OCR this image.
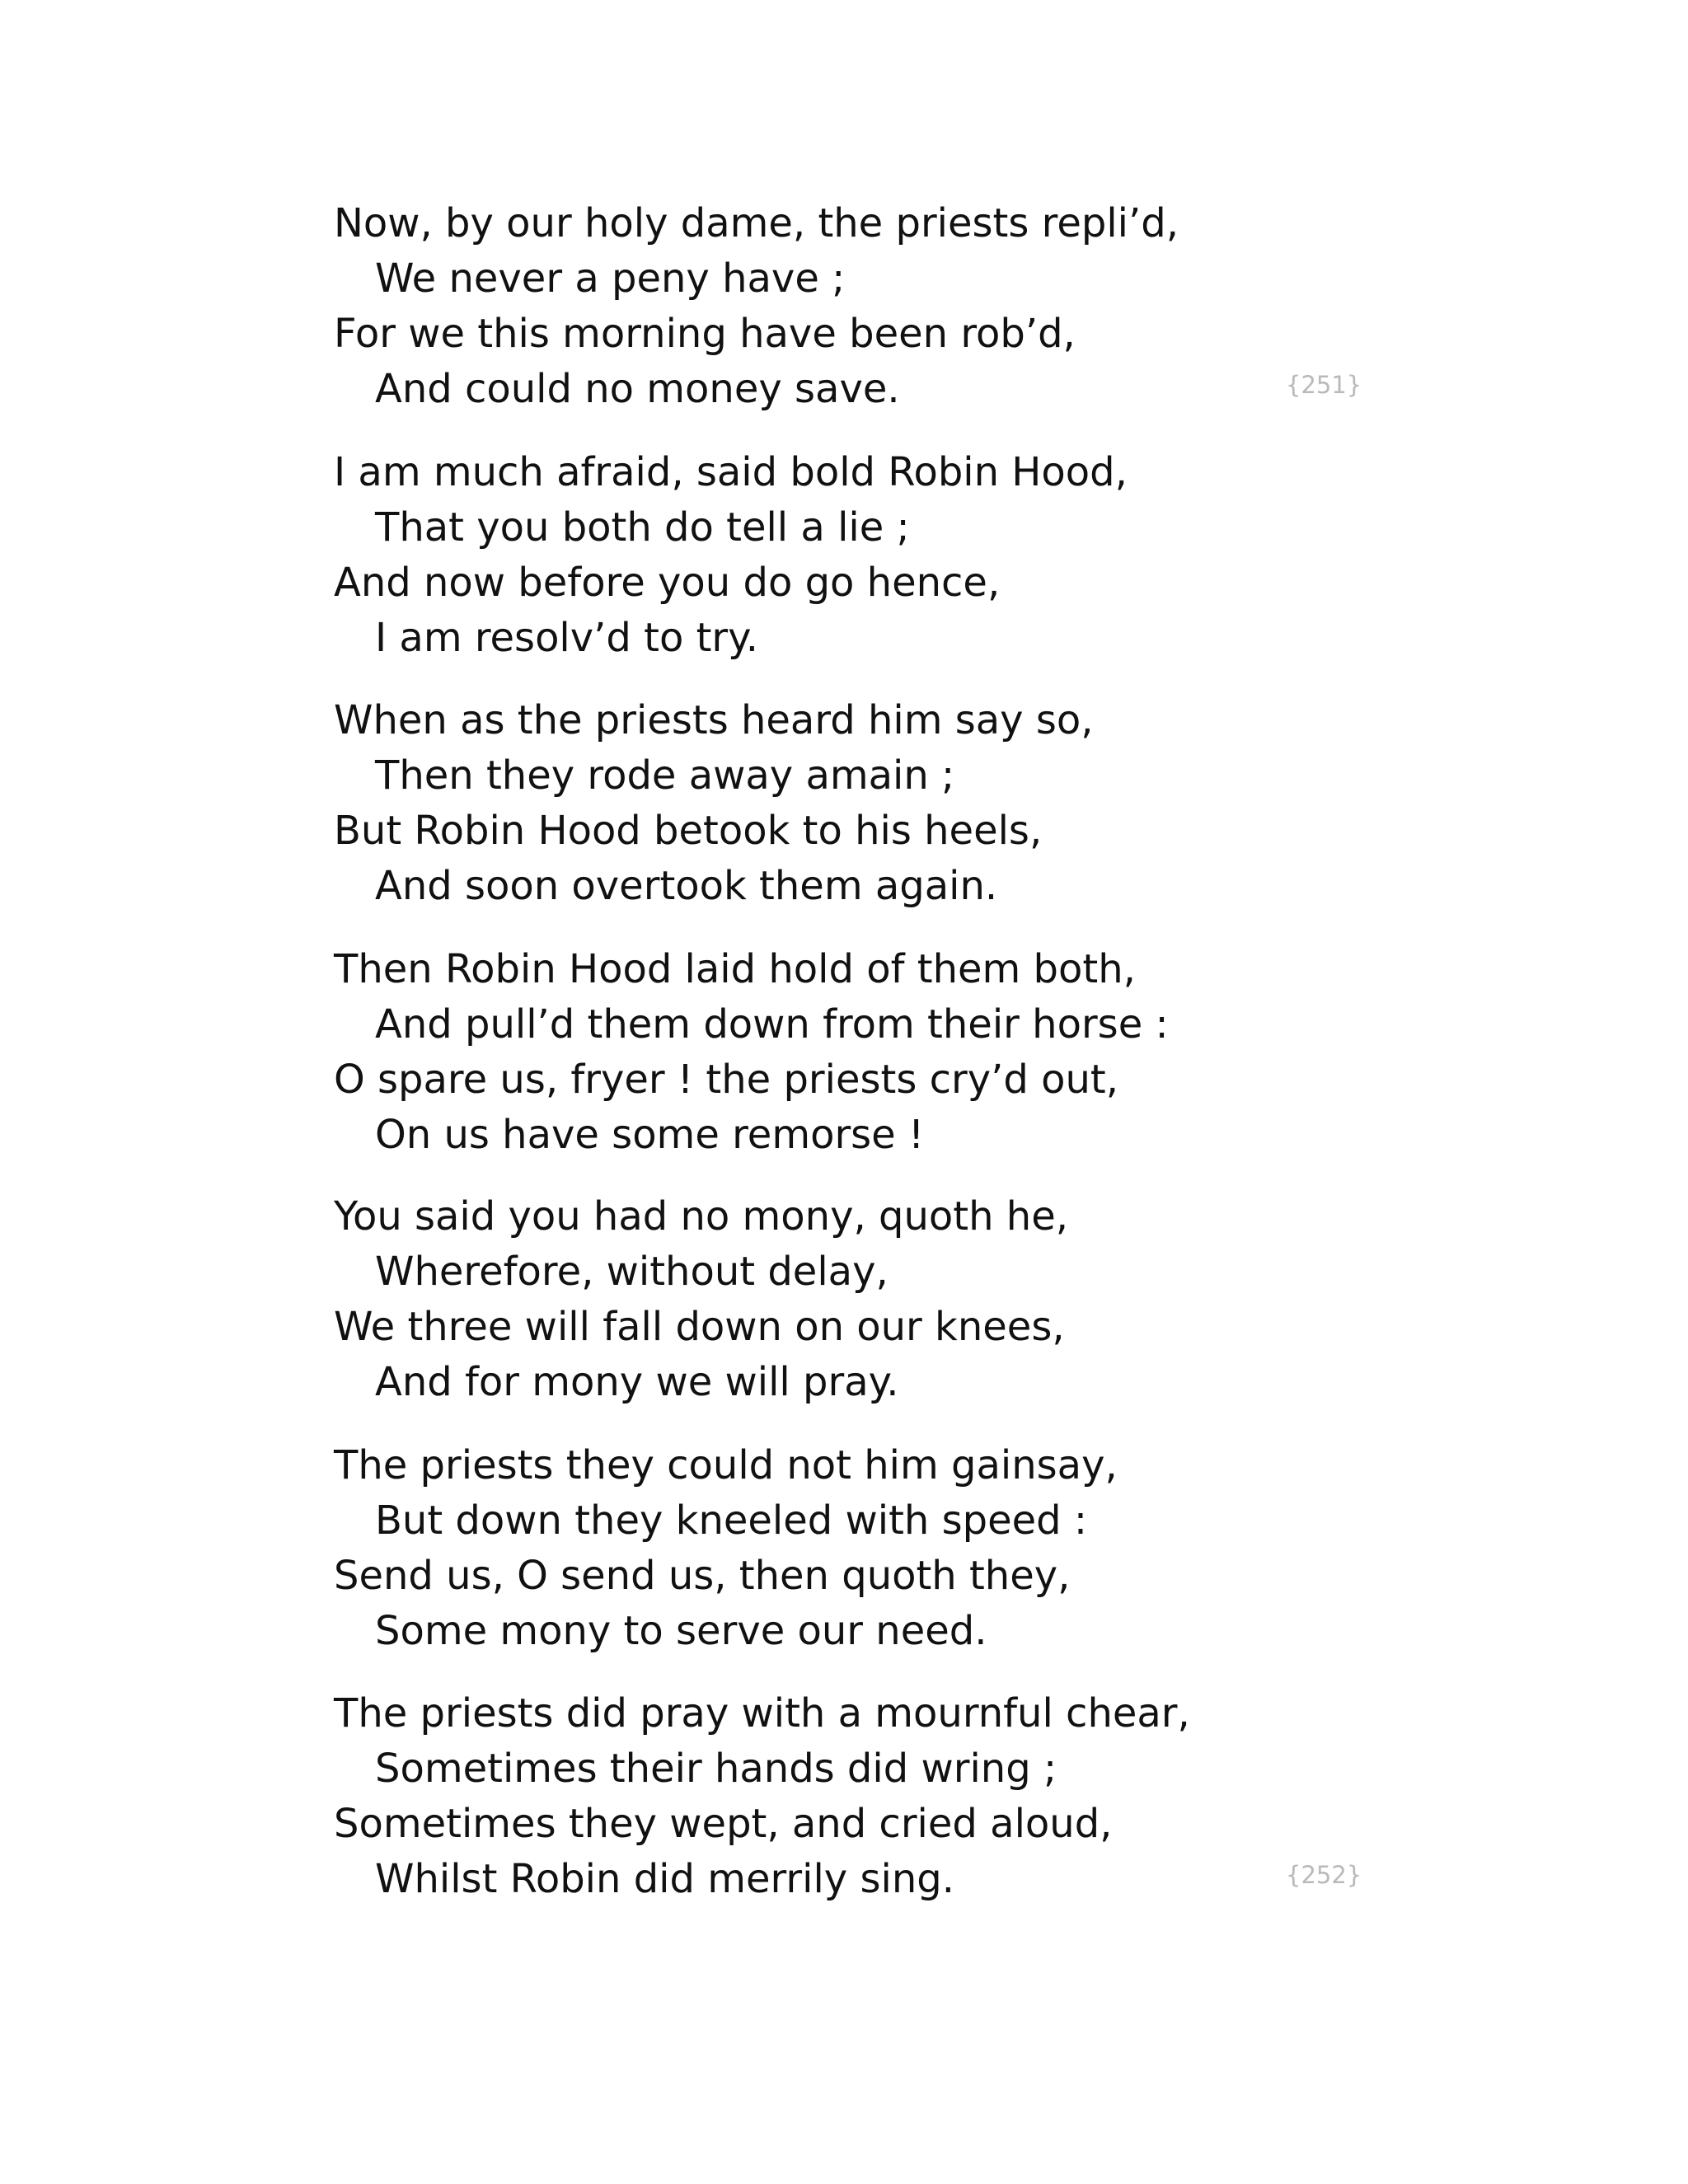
Now, by our holy dame, the priests repli’d,
We never a peny have ;
For we this morning have been rob’d,
And could no money save.	{251}
I am much afraid, said bold Robin Hood,
That you both do tell a lie ;
And now before you do go hence,
I am resolv’d to try.
When as the priests heard him say so,
Then they rode away amain ;
But Robin Hood betook to his heels,
And soon overtook them again.
Then Robin Hood laid hold of them both,
And pull’d them down from their horse :
O spare us, fryer ! the priests cry’d out,
On us have some remorse !
You said you had no mony, quoth he,
Wherefore, without delay,
We three will fall down on our knees,
And for mony we will pray.
The priests they could not him gainsay,
But down they kneeled with speed :
Send us, O send us, then quoth they,
Some mony to serve our need.
The priests did pray with a mournful chear,
Sometimes their hands did wring ;
Sometimes they wept, and cried aloud,
Whilst Robin did merrily sing.	{252}
